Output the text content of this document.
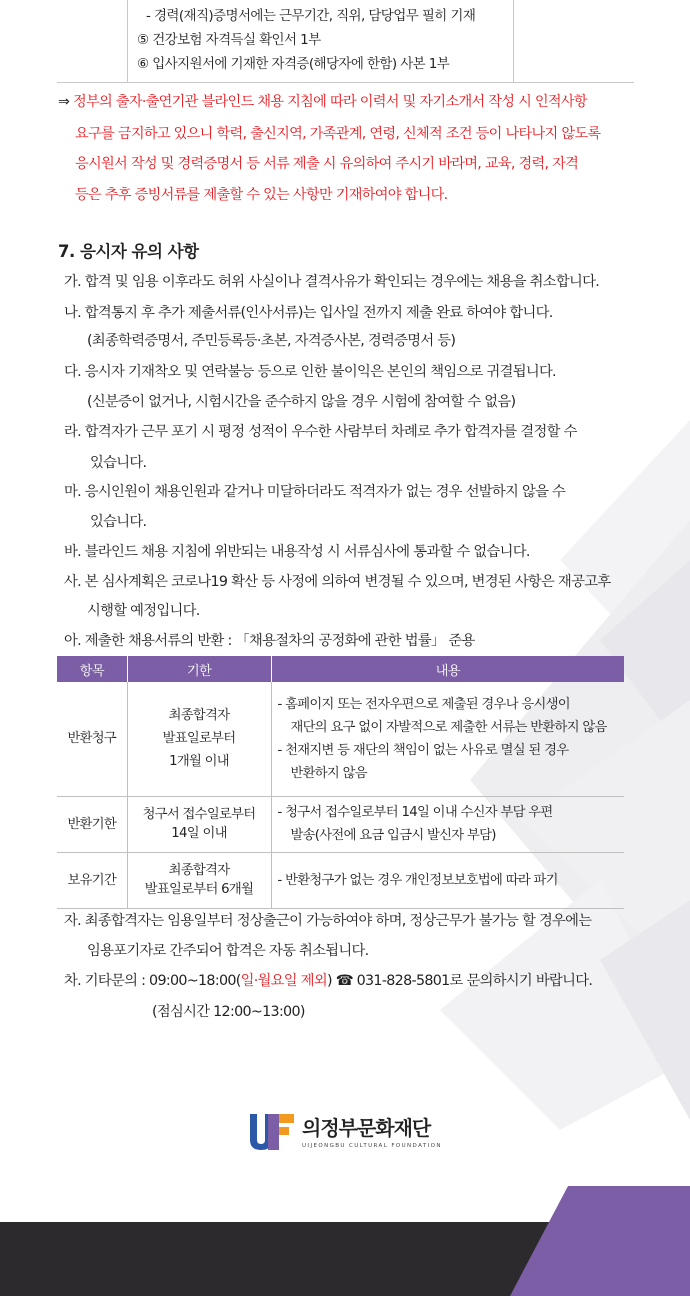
- 경력(재직)증명서에는 근무기간, 직위, 담당업무 필히 기재
⑤ 건강보험 자격득실 확인서 1부
⑥ 입사지원서에 기재한 자격증(해당자에 한함) 사본 1부
⇒ 정부의 출자·출연기관 블라인드 채용 지침에 따라 이력서 및 자기소개서 작성 시 인적사항
요구를 금지하고 있으니 학력, 출신지역, 가족관계, 연령, 신체적 조건 등이 나타나지 않도록
응시원서 작성 및 경력증명서 등 서류 제출 시 유의하여 주시기 바라며, 교육, 경력, 자격
등은 추후 증빙서류를 제출할 수 있는 사항만 기재하여야 합니다.
7. 응시자 유의 사항
가. 합격 및 임용 이후라도 허위 사실이나 결격사유가 확인되는 경우에는 채용을 취소합니다.
나. 합격통지 후 추가 제출서류(인사서류)는 입사일 전까지 제출 완료 하여야 합니다.
(최종학력증명서, 주민등록등·초본, 자격증사본, 경력증명서 등)
다. 응시자 기재착오 및 연락불능 등으로 인한 불이익은 본인의 책임으로 귀결됩니다.
(신분증이 없거나, 시험시간을 준수하지 않을 경우 시험에 참여할 수 없음)
라. 합격자가 근무 포기 시 평정 성적이 우수한 사람부터 차례로 추가 합격자를 결정할 수
있습니다.
마. 응시인원이 채용인원과 같거나 미달하더라도 적격자가 없는 경우 선발하지 않을 수
있습니다.
바. 블라인드 채용 지침에 위반되는 내용작성 시 서류심사에 통과할 수 없습니다.
사. 본 심사계획은 코로나19 확산 등 사정에 의하여 변경될 수 있으며, 변경된 사항은 재공고후
시행할 예정입니다.
아. 제출한 채용서류의 반환 : 「채용절차의 공정화에 관한 법률」 준용
항목	기한	내용
반환청구	최종합격자
발표일로부터
1개월 이내	- 홈페이지 또는 전자우편으로 제출된 경우나 응시생이
재단의 요구 없이 자발적으로 제출한 서류는 반환하지 않음
- 천재지변 등 재단의 책임이 없는 사유로 멸실 된 경우
반환하지 않음

반환기한	청구서 접수일로부터
14일 이내	- 청구서 접수일로부터 14일 이내 수신자 부담 우편
발송(사전에 요금 입금시 발신자 부담)

보유기간	최종합격자
발표일로부터 6개월	- 반환청구가 없는 경우 개인정보보호법에 따라 파기
자. 최종합격자는 임용일부터 정상출근이 가능하여야 하며, 정상근무가 불가능 할 경우에는
임용포기자로 간주되어 합격은 자동 취소됩니다.
차. 기타문의 : 09:00~18:00(일·월요일 제외) ☎ 031-828-5801로 문의하시기 바랍니다.
(점심시간 12:00~13:00)
의정부문화재단
UIJEONGBU CULTURAL FOUNDATION
